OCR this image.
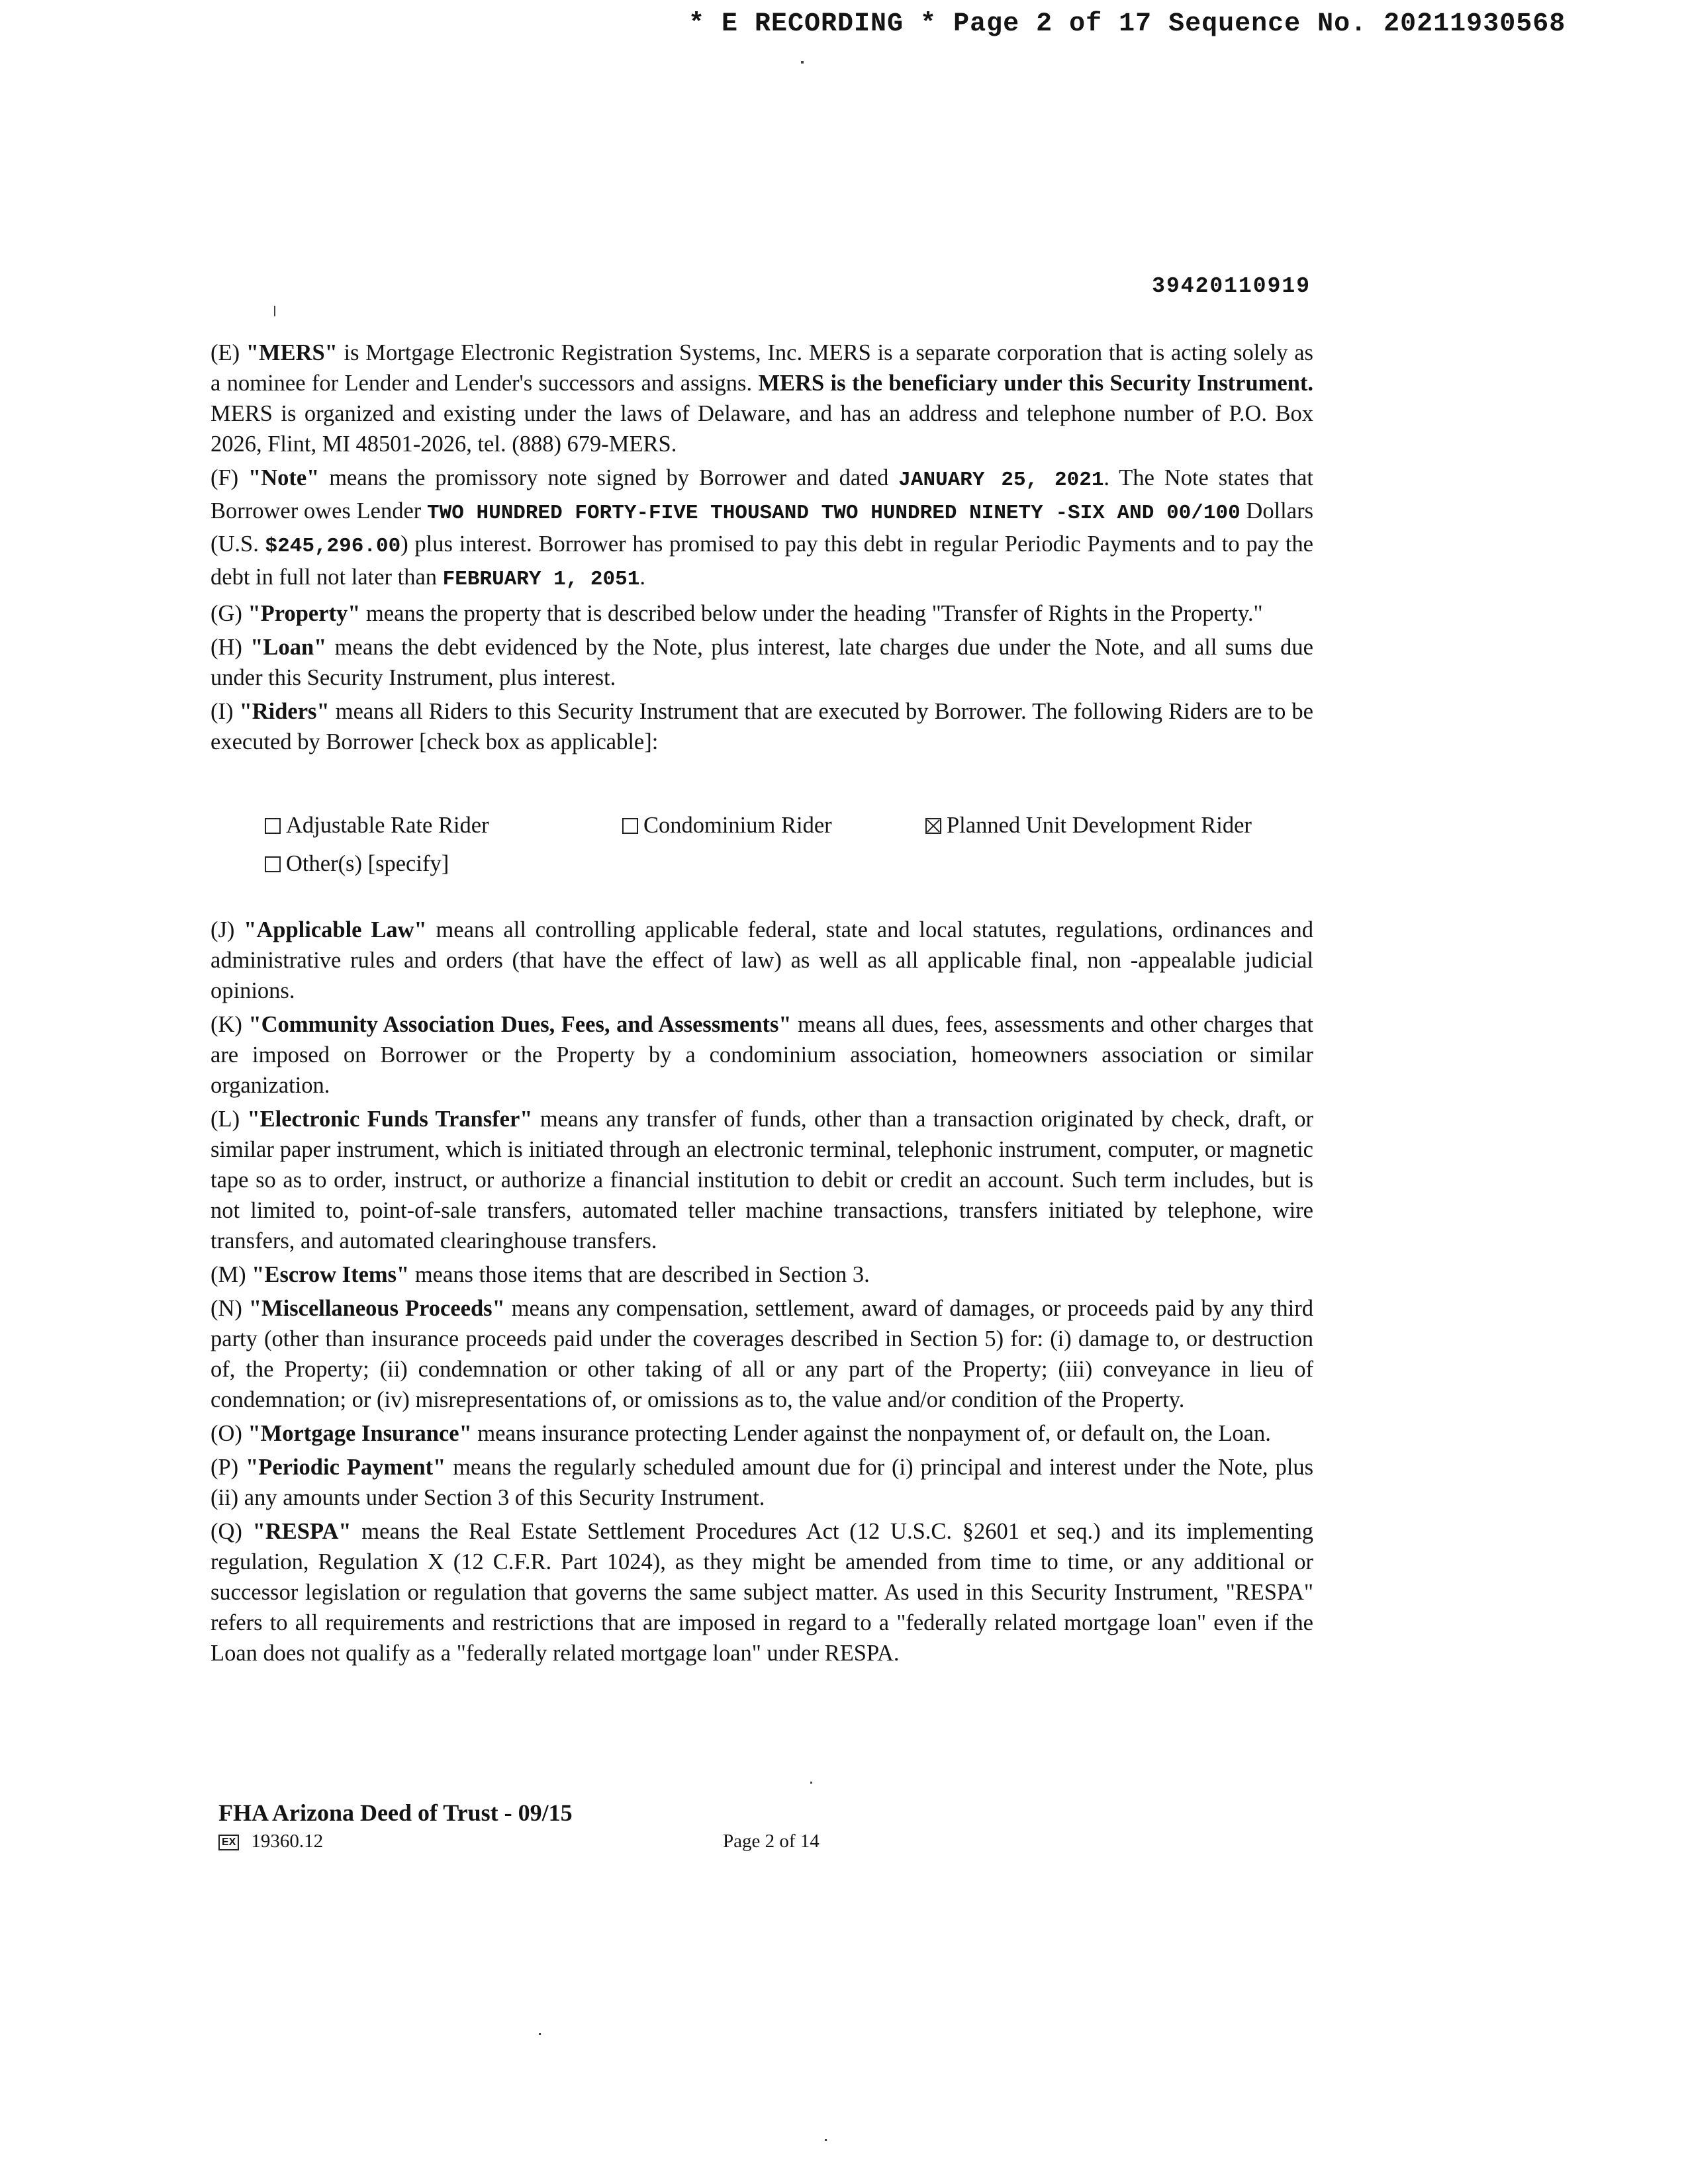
* E RECORDING * Page 2 of 17 Sequence No. 20211930568
39420110919

(E) "MERS" is Mortgage Electronic Registration Systems, Inc. MERS is a separate corporation that is acting solely as a nominee for Lender and Lender's successors and assigns. MERS is the beneficiary under this Security Instrument. MERS is organized and existing under the laws of Delaware, and has an address and telephone number of P.O. Box 2026, Flint, MI 48501-2026, tel. (888) 679-MERS.

(F) "Note" means the promissory note signed by Borrower and dated JANUARY 25, 2021. The Note states that Borrower owes Lender TWO HUNDRED FORTY-FIVE THOUSAND TWO HUNDRED NINETY -SIX AND 00/100 Dollars (U.S. $245,296.00) plus interest. Borrower has promised to pay this debt in regular Periodic Payments and to pay the debt in full not later than FEBRUARY 1, 2051.

(G) "Property" means the property that is described below under the heading "Transfer of Rights in the Property."

(H) "Loan" means the debt evidenced by the Note, plus interest, late charges due under the Note, and all sums due under this Security Instrument, plus interest.

(I) "Riders" means all Riders to this Security Instrument that are executed by Borrower. The following Riders are to be executed by Borrower [check box as applicable]:

Adjustable Rate Rider	Condominium Rider	Planned Unit Development Rider
Other(s) [specify]

(J) "Applicable Law" means all controlling applicable federal, state and local statutes, regulations, ordinances and administrative rules and orders (that have the effect of law) as well as all applicable final, non -appealable judicial opinions.

(K) "Community Association Dues, Fees, and Assessments" means all dues, fees, assessments and other charges that are imposed on Borrower or the Property by a condominium association, homeowners association or similar organization.

(L) "Electronic Funds Transfer" means any transfer of funds, other than a transaction originated by check, draft, or similar paper instrument, which is initiated through an electronic terminal, telephonic instrument, computer, or magnetic tape so as to order, instruct, or authorize a financial institution to debit or credit an account. Such term includes, but is not limited to, point-of-sale transfers, automated teller machine transactions, transfers initiated by telephone, wire transfers, and automated clearinghouse transfers.

(M) "Escrow Items" means those items that are described in Section 3.

(N) "Miscellaneous Proceeds" means any compensation, settlement, award of damages, or proceeds paid by any third party (other than insurance proceeds paid under the coverages described in Section 5) for: (i) damage to, or destruction of, the Property; (ii) condemnation or other taking of all or any part of the Property; (iii) conveyance in lieu of condemnation; or (iv) misrepresentations of, or omissions as to, the value and/or condition of the Property.

(O) "Mortgage Insurance" means insurance protecting Lender against the nonpayment of, or default on, the Loan.

(P) "Periodic Payment" means the regularly scheduled amount due for (i) principal and interest under the Note, plus (ii) any amounts under Section 3 of this Security Instrument.

(Q) "RESPA" means the Real Estate Settlement Procedures Act (12 U.S.C. §2601 et seq.) and its implementing regulation, Regulation X (12 C.F.R. Part 1024), as they might be amended from time to time, or any additional or successor legislation or regulation that governs the same subject matter. As used in this Security Instrument, "RESPA" refers to all requirements and restrictions that are imposed in regard to a "federally related mortgage loan" even if the Loan does not qualify as a "federally related mortgage loan" under RESPA.

FHA Arizona Deed of Trust - 09/15
EX 19360.12	Page 2 of 14
